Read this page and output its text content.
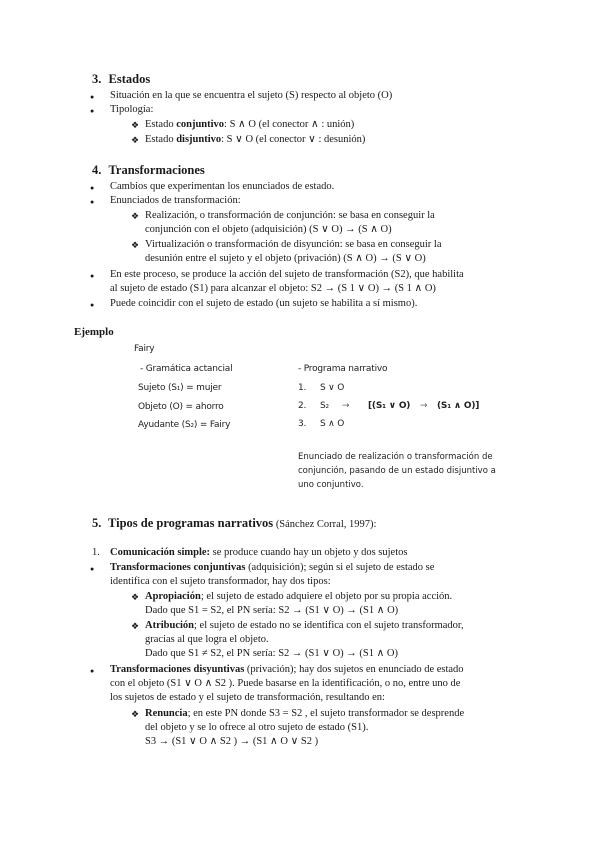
3. Estados
● Situación en la que se encuentra el sujeto (S) respecto al objeto (O)
● Tipología:
❖ Estado conjuntivo: S ∧ O (el conector ∧ : unión)
❖ Estado disjuntivo: S ∨ O (el conector ∨ : desunión)
4. Transformaciones
● Cambios que experimentan los enunciados de estado.
● Enunciados de transformación:
❖ Realización, o transformación de conjunción: se basa en conseguir la
conjunción con el objeto (adquisición) (S ∨ O) → (S ∧ O)
❖ Virtualización o transformación de disyunción: se basa en conseguir la
desunión entre el sujeto y el objeto (privación) (S ∧ O) → (S ∨ O)
● En este proceso, se produce la acción del sujeto de transformación (S2), que habilita
al sujeto de estado (S1) para alcanzar el objeto: S2 → (S 1 ∨ O) → (S 1 ∧ O)
● Puede coincidir con el sujeto de estado (un sujeto se habilita a sí mismo).
Ejemplo
Fairy
- Gramática actancial
Sujeto (S₁) = mujer
Objeto (O) = ahorro
Ayudante (S₂) = Fairy
- Programa narrativo
1. S ∨ O
2. S₂ → [(S₁ ∨ O) → (S₁ ∧ O)]
3. S ∧ O
Enunciado de realización o transformación de
conjunción, pasando de un estado disjuntivo a
uno conjuntivo.
5. Tipos de programas narrativos (Sánchez Corral, 1997):
1. Comunicación simple: se produce cuando hay un objeto y dos sujetos
● Transformaciones conjuntivas (adquisición); según si el sujeto de estado se
identifica con el sujeto transformador, hay dos tipos:
❖ Apropiación; el sujeto de estado adquiere el objeto por su propia acción.
Dado que S1 = S2, el PN sería: S2 → (S1 ∨ O) → (S1 ∧ O)
❖ Atribución; el sujeto de estado no se identifica con el sujeto transformador,
gracias al que logra el objeto.
Dado que S1 ≠ S2, el PN sería: S2 → (S1 ∨ O) → (S1 ∧ O)
● Transformaciones disyuntivas (privación); hay dos sujetos en enunciado de estado
con el objeto (S1 ∨ O ∧ S2 ). Puede basarse en la identificación, o no, entre uno de
los sujetos de estado y el sujeto de transformación, resultando en:
❖ Renuncia; en este PN donde S3 = S2 , el sujeto transformador se desprende
del objeto y se lo ofrece al otro sujeto de estado (S1).
S3 → (S1 ∨ O ∧ S2 ) → (S1 ∧ O ∨ S2 )
